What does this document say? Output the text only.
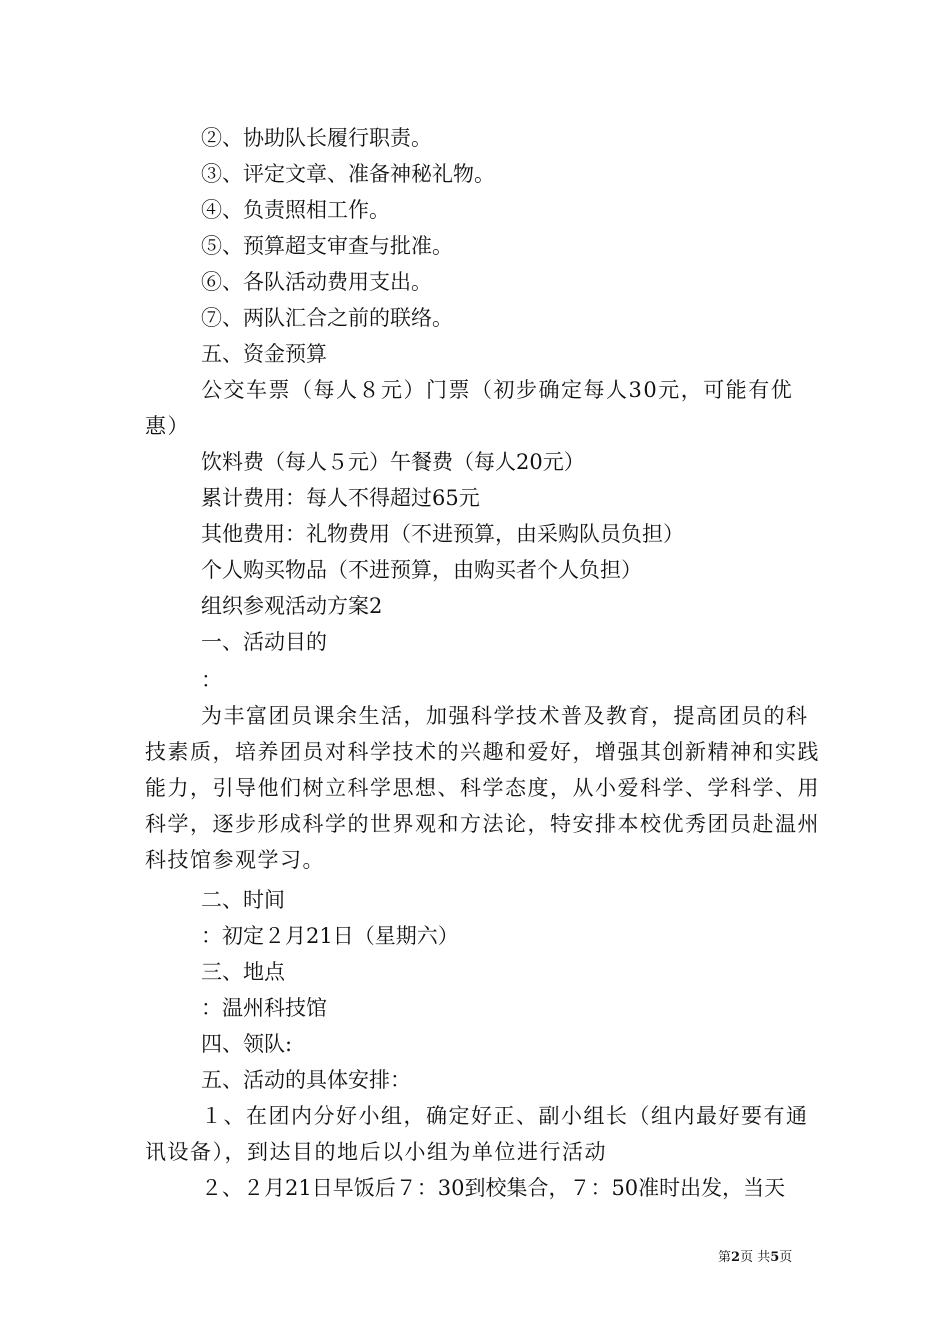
②、协助队长履行职责。
③、评定文章、准备神秘礼物。
④、负责照相工作。
⑤、预算超支审查与批准。
⑥、各队活动费用支出。
⑦、两队汇合之前的联络。
五、资金预算
公交车票（每人８元）门票（初步确定每人30元，可能有优惠）
饮料费（每人５元）午餐费（每人20元）
累计费用：每人不得超过65元
其他费用：礼物费用（不进预算，由采购队员负担）
个人购买物品（不进预算，由购买者个人负担）
组织参观活动方案2
一、活动目的
：
为丰富团员课余生活，加强科学技术普及教育，提高团员的科技素质，培养团员对科学技术的兴趣和爱好，增强其创新精神和实践能力，引导他们树立科学思想、科学态度，从小爱科学、学科学、用科学，逐步形成科学的世界观和方法论，特安排本校优秀团员赴温州科技馆参观学习。
二、时间
：初定２月21日（星期六）
三、地点
：温州科技馆
四、领队:
五、活动的具体安排：
１、在团内分好小组，确定好正、副小组长（组内最好要有通讯设备），到达目的地后以小组为单位进行活动
２、２月21日早饭后７：30到校集合，７：50准时出发，当天
第2页 共5页
